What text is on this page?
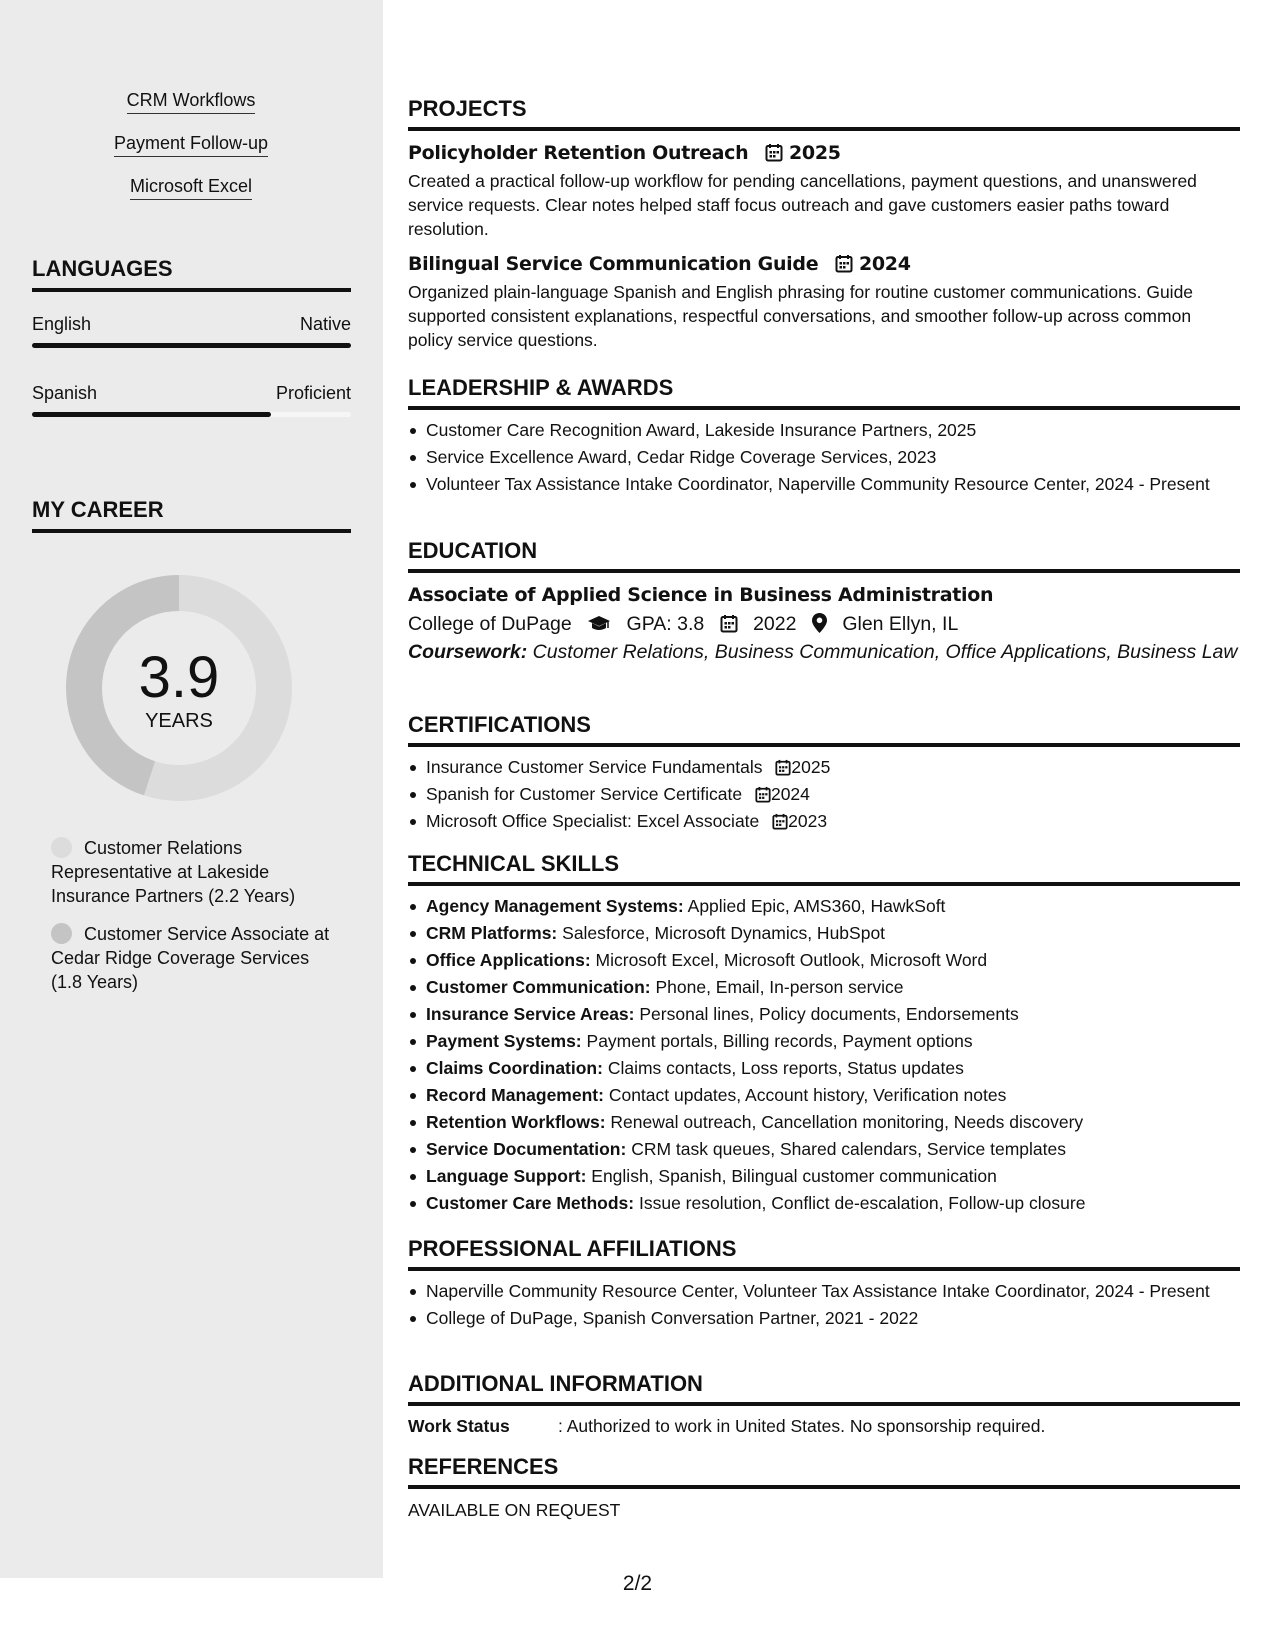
CRM Workflows
Payment Follow-up
Microsoft Excel
LANGUAGES
English	Native
Spanish	Proficient
MY CAREER
3.9
YEARS
Customer Relations Representative at Lakeside Insurance Partners (2.2 Years)
Customer Service Associate at Cedar Ridge Coverage Services (1.8 Years)
PROJECTS
Policyholder Retention Outreach 2025
Created a practical follow-up workflow for pending cancellations, payment questions, and unanswered service requests. Clear notes helped staff focus outreach and gave customers easier paths toward resolution.
Bilingual Service Communication Guide 2024
Organized plain-language Spanish and English phrasing for routine customer communications. Guide supported consistent explanations, respectful conversations, and smoother follow-up across common policy service questions.
LEADERSHIP & AWARDS
Customer Care Recognition Award, Lakeside Insurance Partners, 2025
Service Excellence Award, Cedar Ridge Coverage Services, 2023
Volunteer Tax Assistance Intake Coordinator, Naperville Community Resource Center, 2024 - Present
EDUCATION
Associate of Applied Science in Business Administration
College of DuPage	GPA: 3.8	2022 Glen Ellyn, IL
Coursework: Customer Relations, Business Communication, Office Applications, Business Law
CERTIFICATIONS
Insurance Customer Service Fundamentals 2025
Spanish for Customer Service Certificate 2024
Microsoft Office Specialist: Excel Associate 2023
TECHNICAL SKILLS
Agency Management Systems: Applied Epic, AMS360, HawkSoft
CRM Platforms: Salesforce, Microsoft Dynamics, HubSpot
Office Applications: Microsoft Excel, Microsoft Outlook, Microsoft Word
Customer Communication: Phone, Email, In-person service
Insurance Service Areas: Personal lines, Policy documents, Endorsements
Payment Systems: Payment portals, Billing records, Payment options
Claims Coordination: Claims contacts, Loss reports, Status updates
Record Management: Contact updates, Account history, Verification notes
Retention Workflows: Renewal outreach, Cancellation monitoring, Needs discovery
Service Documentation: CRM task queues, Shared calendars, Service templates
Language Support: English, Spanish, Bilingual customer communication
Customer Care Methods: Issue resolution, Conflict de-escalation, Follow-up closure
PROFESSIONAL AFFILIATIONS
Naperville Community Resource Center, Volunteer Tax Assistance Intake Coordinator, 2024 - Present
College of DuPage, Spanish Conversation Partner, 2021 - 2022
ADDITIONAL INFORMATION
Work Status	: Authorized to work in United States. No sponsorship required.
REFERENCES
AVAILABLE ON REQUEST
2/2
